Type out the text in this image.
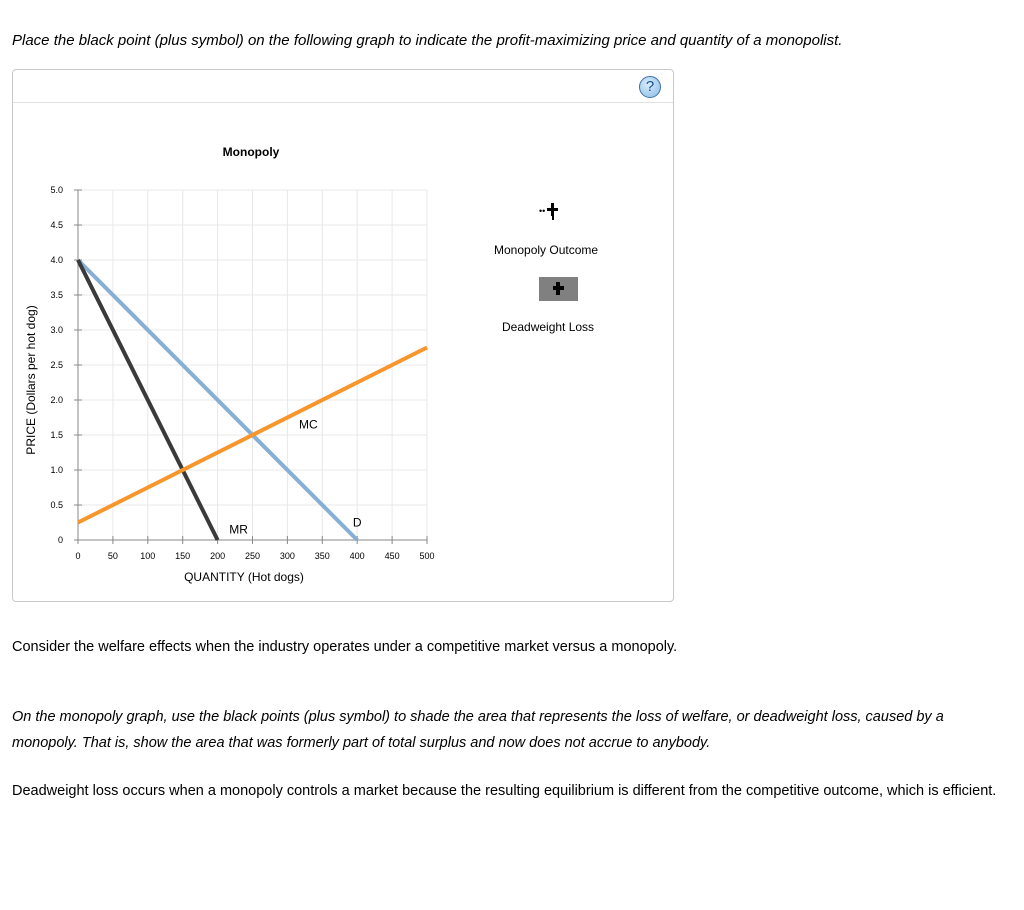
Place the black point (plus symbol) on the following graph to indicate the profit-maximizing price and quantity of a monopolist.
?
0
0.5
1.0
1.5
2.0
2.5
3.0
3.5
4.0
4.5
5.0
0	50 100 150 200 250 300 350 400 450 500
Monopoly
QUANTITY (Hot dogs)
PRICE (Dollars per hot dog)
D
MR
MC
••
Monopoly Outcome
Deadweight Loss
Consider the welfare effects when the industry operates under a competitive market versus a monopoly.
On the monopoly graph, use the black points (plus symbol) to shade the area that represents the loss of welfare, or deadweight loss, caused by a monopoly. That is, show the area that was formerly part of total surplus and now does not accrue to anybody.
Deadweight loss occurs when a monopoly controls a market because the resulting equilibrium is different from the competitive outcome, which is efficient.
